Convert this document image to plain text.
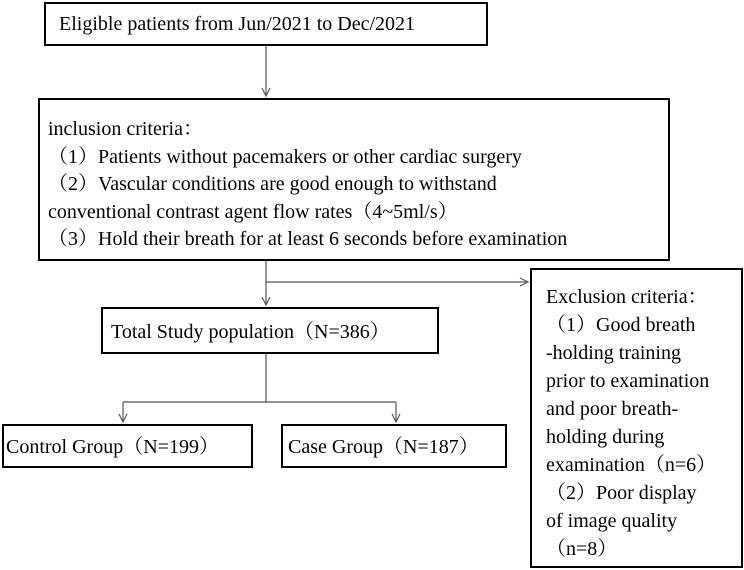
Eligible patients from Jun/2021 to Dec/2021
inclusion criteria：
（1）Patients without pacemakers or other cardiac surgery
（2）Vascular conditions are good enough to withstand
conventional contrast agent flow rates（4~5ml/s）
（3）Hold their breath for at least 6 seconds before examination
Total Study population（N=386）
Control Group（N=199）	Case Group（N=187）
Exclusion criteria：
（1）Good breath
-holding training
prior to examination
and poor breath-
holding during
examination（n=6）
（2）Poor display
of image quality
（n=8）
